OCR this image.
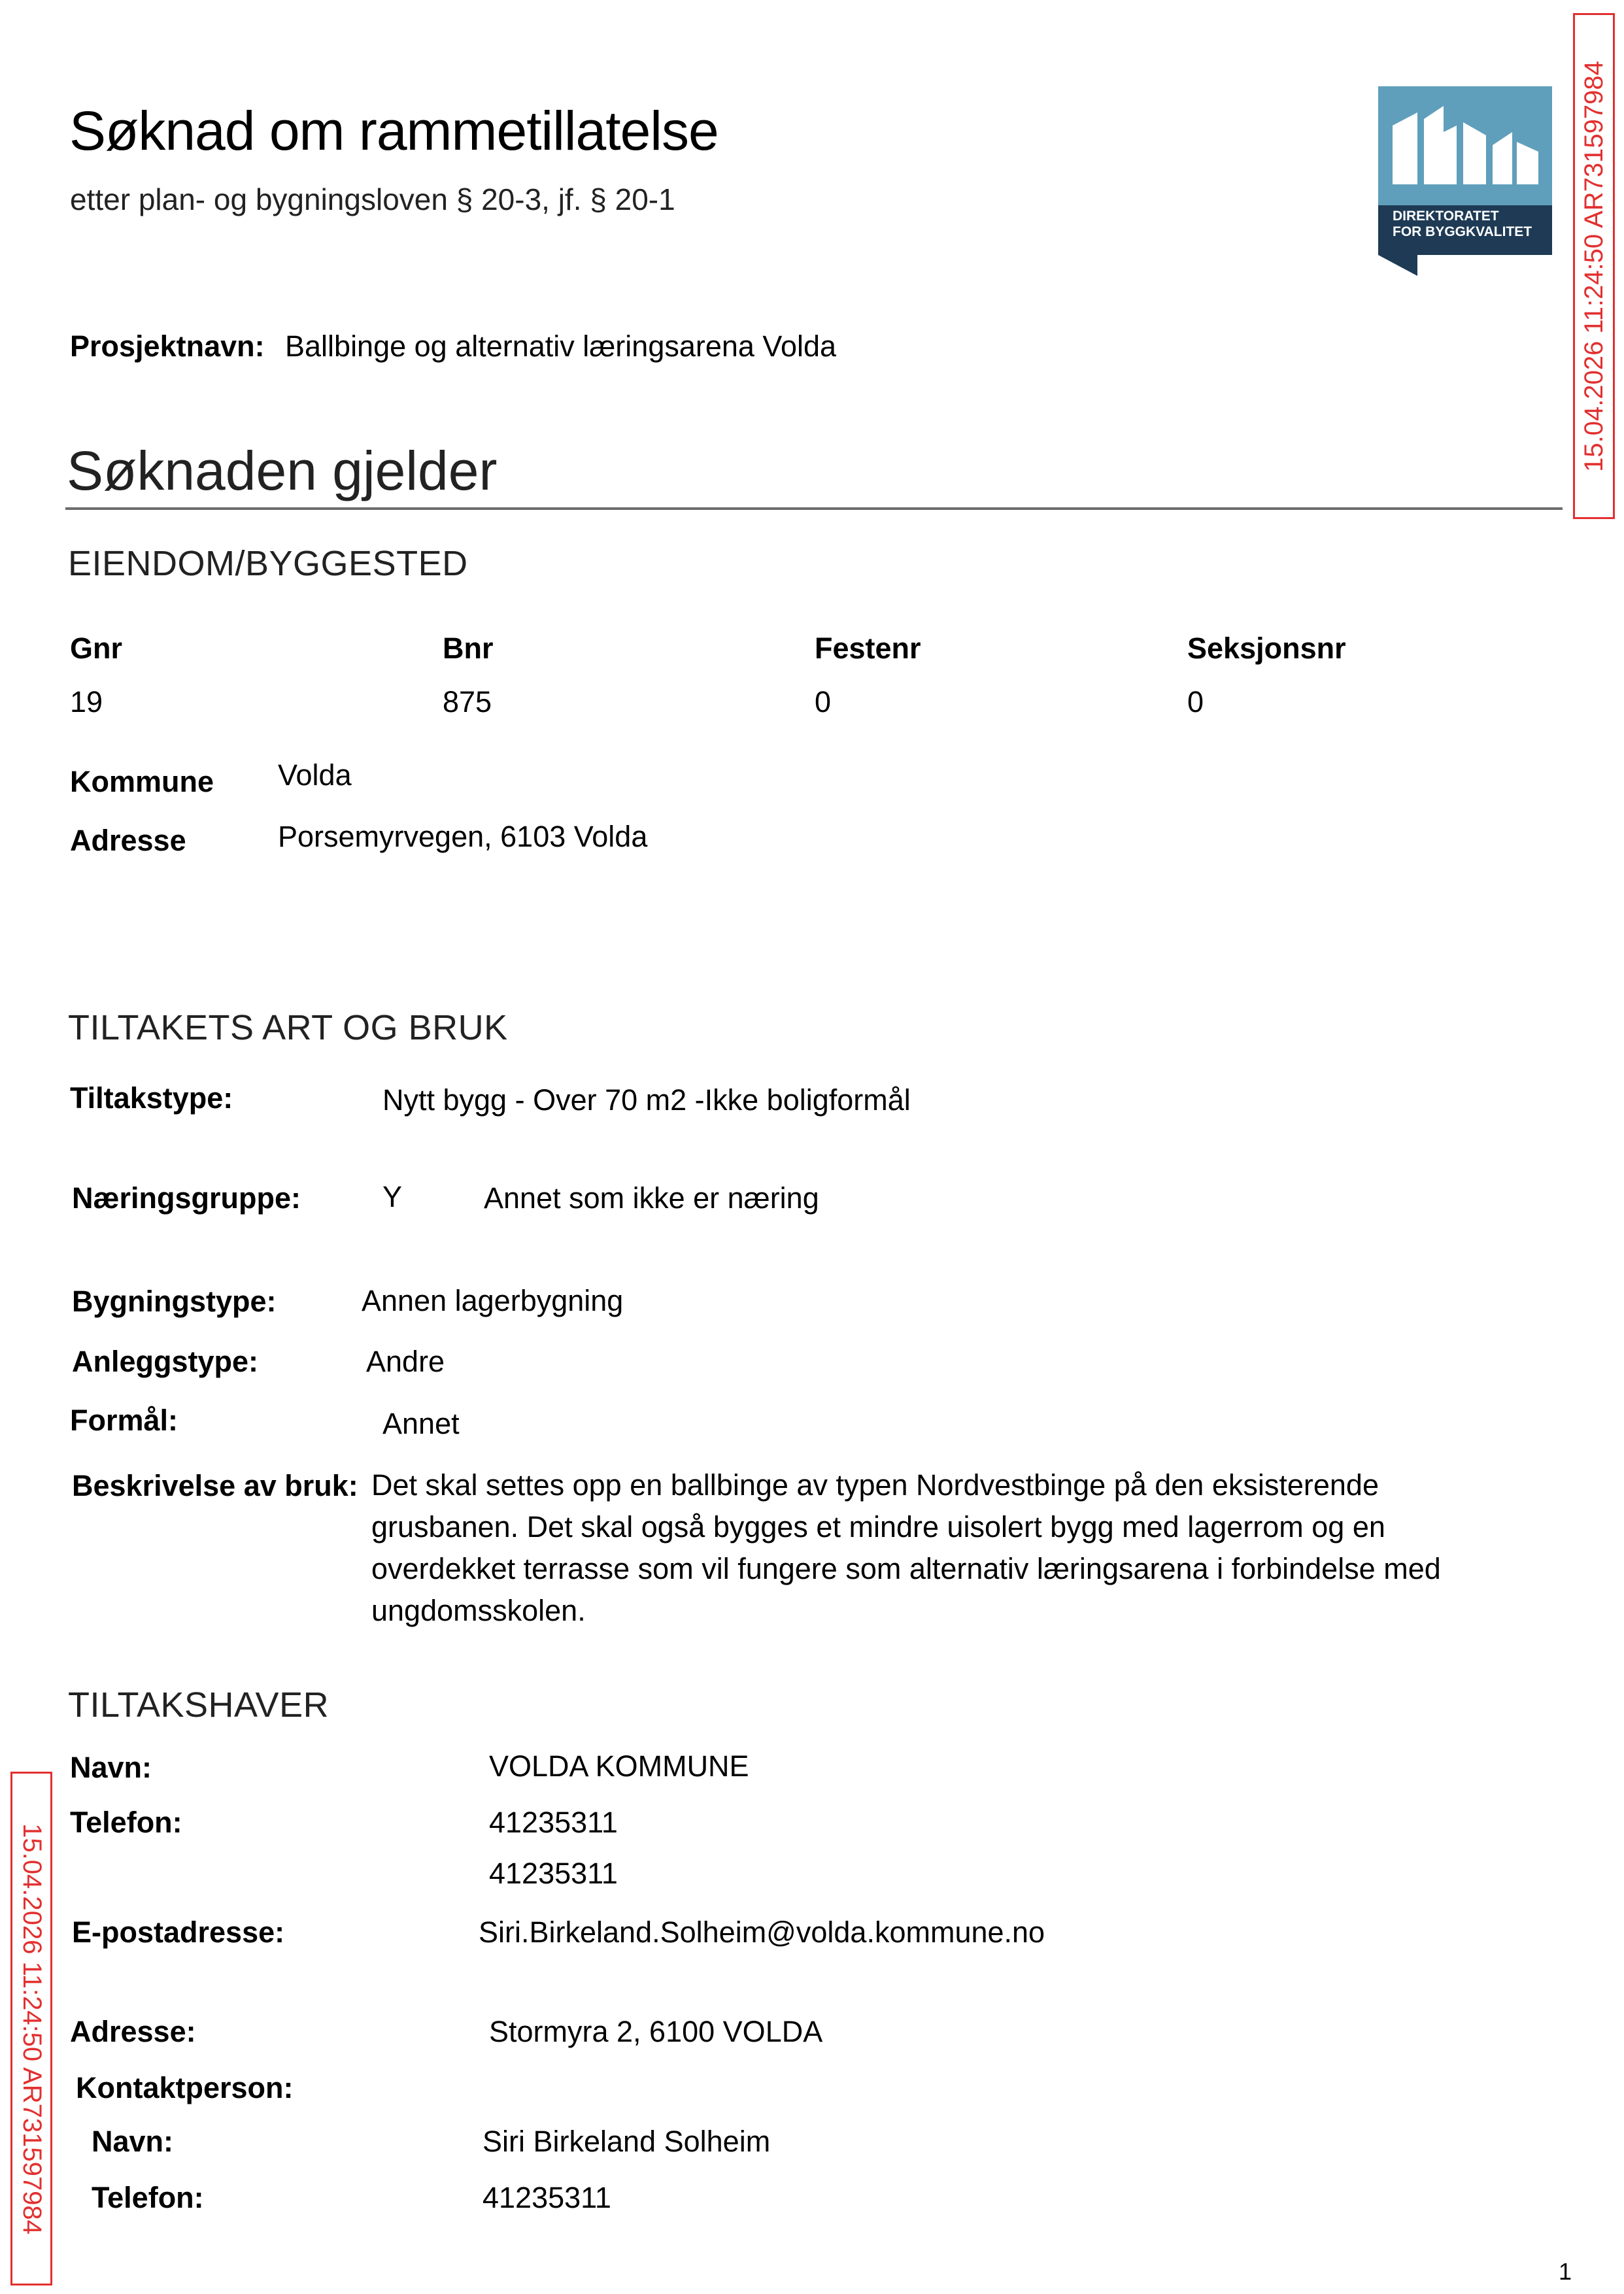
Søknad om rammetillatelse
etter plan- og bygningsloven § 20-3, jf. § 20-1	DIREKTORATET
FOR BYGGKVALITET
Prosjektnavn: Ballbinge og alternativ læringsarena Volda
Søknaden gjelder
EIENDOM/BYGGESTED
Gnr	Bnr	Festenr	Seksjonsnr
19	875	0	0
Kommune Volda
Adresse	Porsemyrvegen, 6103 Volda
TILTAKETS ART OG BRUK
Tiltakstype:	Nytt bygg - Over 70 m2 -Ikke boligformål
Næringsgruppe:	Y	Annet som ikke er næring
Bygningstype:	Annen lagerbygning
Anleggstype:	Andre
Formål:	Annet
Beskrivelse av bruk: Det skal settes opp en ballbinge av typen Nordvestbinge på den eksisterende grusbanen. Det skal også bygges et mindre uisolert bygg med lagerrom og en overdekket terrasse som vil fungere som alternativ læringsarena i forbindelse med ungdomsskolen.
TILTAKSHAVER
Navn:	VOLDA KOMMUNE
Telefon:	41235311
41235311
E-postadresse:	Siri.Birkeland.Solheim@volda.kommune.no
Adresse:	Stormyra 2, 6100 VOLDA
Kontaktperson:
Navn:	Siri Birkeland Solheim
Telefon:	41235311
15.04.2026 11:24:50 AR731597984
15.04.2026 11:24:50 AR731597984
1
